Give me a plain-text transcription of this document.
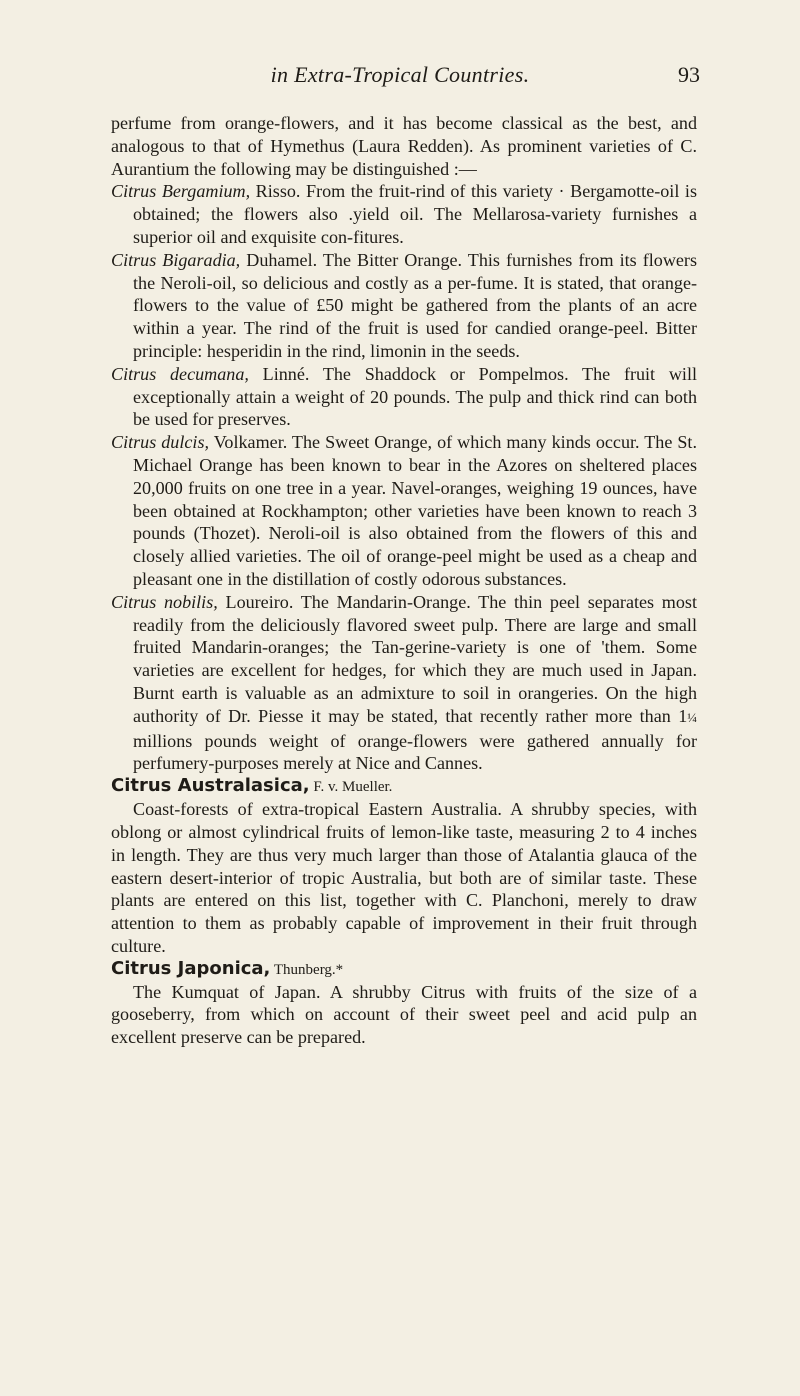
in Extra-Tropical Countries.	93

perfume from orange-flowers, and it has become classical as the best, and analogous to that of Hymethus (Laura Redden). As prominent varieties of C. Aurantium the following may be distinguished :—

Citrus Bergamium, Risso. From the fruit-rind of this variety · Bergamotte-oil is obtained; the flowers also .yield oil. The Mellarosa-variety furnishes a superior oil and exquisite con-fitures.

Citrus Bigaradia, Duhamel. The Bitter Orange. This furnishes from its flowers the Neroli-oil, so delicious and costly as a per-fume. It is stated, that orange-flowers to the value of £50 might be gathered from the plants of an acre within a year. The rind of the fruit is used for candied orange-peel. Bitter principle: hesperidin in the rind, limonin in the seeds.

Citrus decumana, Linné. The Shaddock or Pompelmos. The fruit will exceptionally attain a weight of 20 pounds. The pulp and thick rind can both be used for preserves.

Citrus dulcis, Volkamer. The Sweet Orange, of which many kinds occur. The St. Michael Orange has been known to bear in the Azores on sheltered places 20,000 fruits on one tree in a year. Navel-oranges, weighing 19 ounces, have been obtained at Rockhampton; other varieties have been known to reach 3 pounds (Thozet). Neroli-oil is also obtained from the flowers of this and closely allied varieties. The oil of orange-peel might be used as a cheap and pleasant one in the distillation of costly odorous substances.

Citrus nobilis, Loureiro. The Mandarin-Orange. The thin peel separates most readily from the deliciously flavored sweet pulp. There are large and small fruited Mandarin-oranges; the Tan-gerine-variety is one of 'them. Some varieties are excellent for hedges, for which they are much used in Japan. Burnt earth is valuable as an admixture to soil in orangeries. On the high authority of Dr. Piesse it may be stated, that recently rather more than 1¼ millions pounds weight of orange-flowers were gathered annually for perfumery-purposes merely at Nice and Cannes.

Citrus Australasica, F. v. Mueller.

Coast-forests of extra-tropical Eastern Australia. A shrubby species, with oblong or almost cylindrical fruits of lemon-like taste, measuring 2 to 4 inches in length. They are thus very much larger than those of Atalantia glauca of the eastern desert-interior of tropic Australia, but both are of similar taste. These plants are entered on this list, together with C. Planchoni, merely to draw attention to them as probably capable of improvement in their fruit through culture.

Citrus Japonica, Thunberg.*

The Kumquat of Japan. A shrubby Citrus with fruits of the size of a gooseberry, from which on account of their sweet peel and acid pulp an excellent preserve can be prepared.
